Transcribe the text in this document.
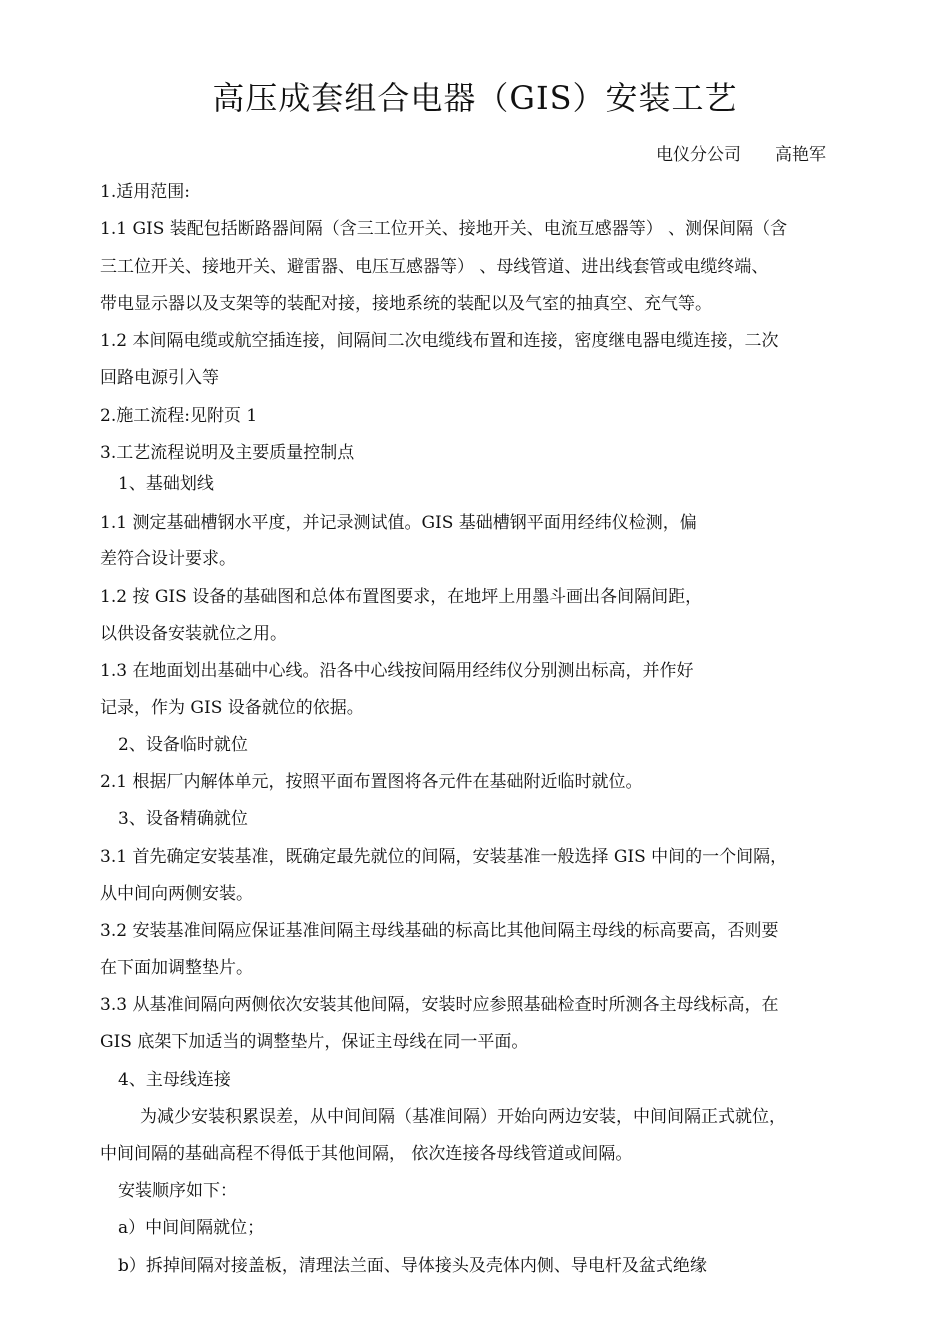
高压成套组合电器（GIS）安装工艺
电仪分公司　　高艳军
1.适用范围:
1.1 GIS 装配包括断路器间隔（含三工位开关、接地开关、电流互感器等） 、测保间隔（含
三工位开关、接地开关、避雷器、电压互感器等） 、母线管道、进出线套管或电缆终端、
带电显示器以及支架等的装配对接，接地系统的装配以及气室的抽真空、充气等。
1.2 本间隔电缆或航空插连接，间隔间二次电缆线布置和连接，密度继电器电缆连接，二次
回路电源引入等
2.施工流程:见附页 1
3.工艺流程说明及主要质量控制点
1、基础划线
1.1 测定基础槽钢水平度，并记录测试值。GIS 基础槽钢平面用经纬仪检测，偏
差符合设计要求。
1.2 按 GIS 设备的基础图和总体布置图要求，在地坪上用墨斗画出各间隔间距，
以供设备安装就位之用。
1.3 在地面划出基础中心线。沿各中心线按间隔用经纬仪分别测出标高，并作好
记录，作为 GIS 设备就位的依据。
2、设备临时就位
2.1 根据厂内解体单元，按照平面布置图将各元件在基础附近临时就位。
3、设备精确就位
3.1 首先确定安装基准，既确定最先就位的间隔，安装基准一般选择 GIS 中间的一个间隔，
从中间向两侧安装。
3.2 安装基准间隔应保证基准间隔主母线基础的标高比其他间隔主母线的标高要高，否则要
在下面加调整垫片。
3.3 从基准间隔向两侧依次安装其他间隔，安装时应参照基础检查时所测各主母线标高，在
GIS 底架下加适当的调整垫片，保证主母线在同一平面。
4、主母线连接
为减少安装积累误差，从中间间隔（基准间隔）开始向两边安装，中间间隔正式就位，
中间间隔的基础高程不得低于其他间隔， 依次连接各母线管道或间隔。
安装顺序如下：
a）中间间隔就位；
b）拆掉间隔对接盖板，清理法兰面、导体接头及壳体内侧、导电杆及盆式绝缘
